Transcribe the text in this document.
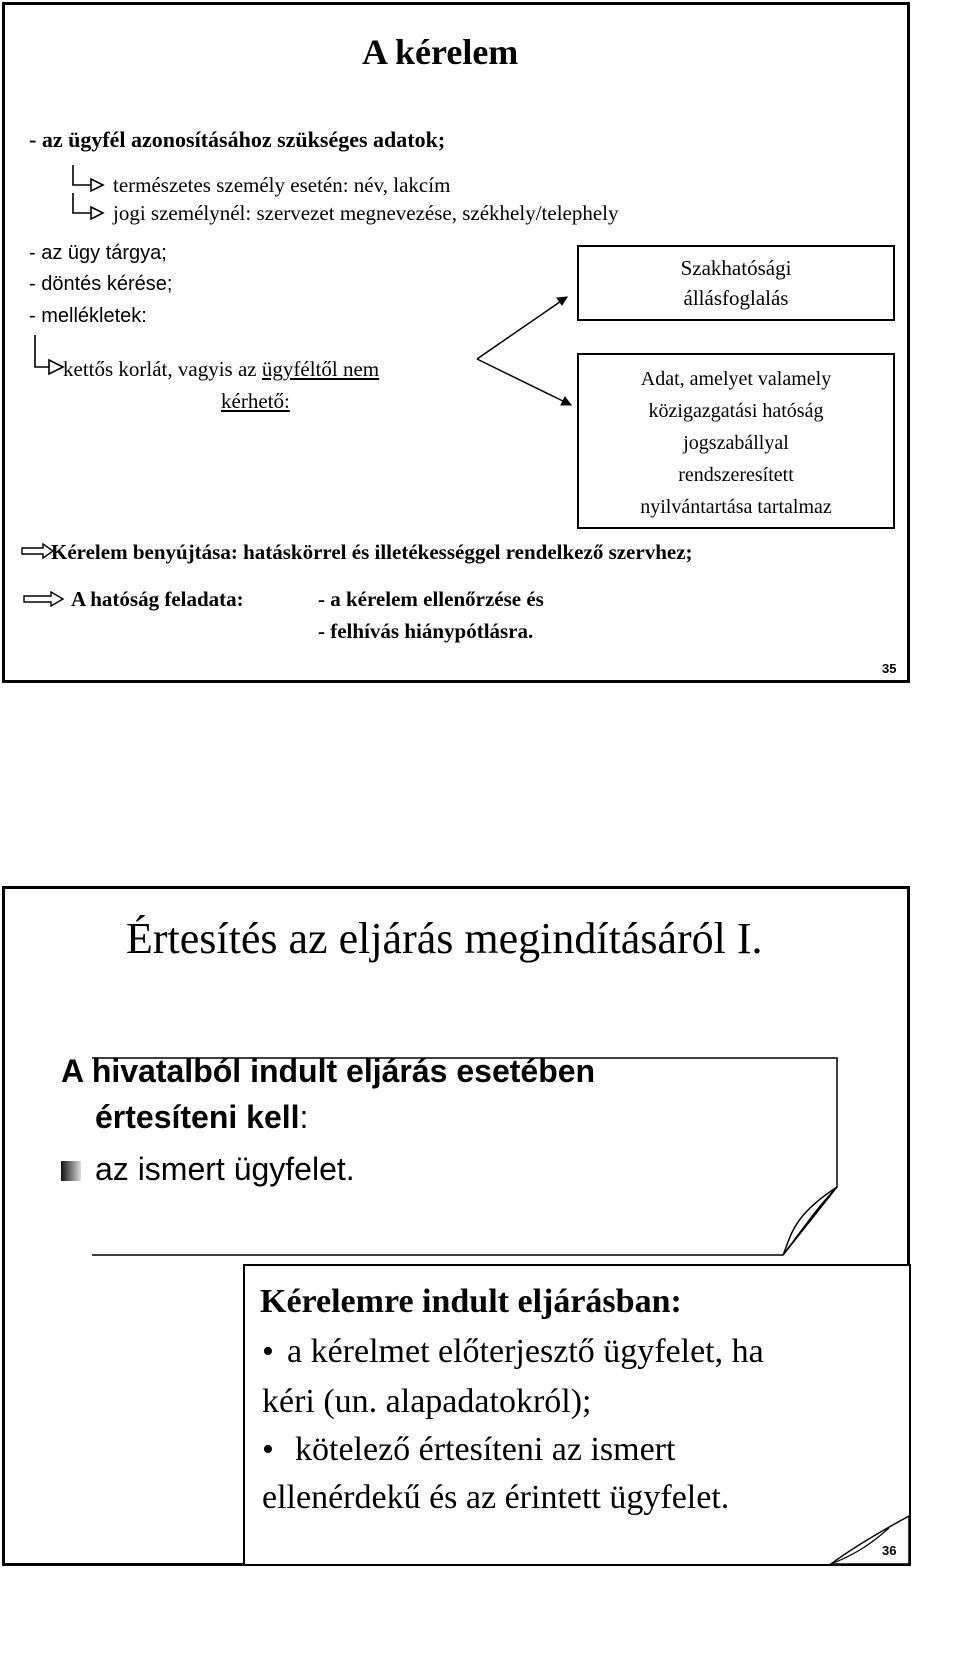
A kérelem
- az ügyfél azonosításához szükséges adatok;
természetes személy esetén: név, lakcím
jogi személynél: szervezet megnevezése, székhely/telephely
- az ügy tárgya;
- döntés kérése;
- mellékletek:
kettős korlát, vagyis az ügyféltől nem
kérhető:
Szakhatósági
állásfoglalás
Adat, amelyet valamely
közigazgatási hatóság
jogszabállyal
rendszeresített
nyilvántartása tartalmaz
Kérelem benyújtása: hatáskörrel és illetékességgel rendelkező szervhez;
A hatóság feladata:	- a kérelem ellenőrzése és
- felhívás hiánypótlásra.
35
Értesítés az eljárás megindításáról I.
A hivatalból indult eljárás esetében
értesíteni kell:
az ismert ügyfelet.
Kérelemre indult eljárásban:
• a kérelmet előterjesztő ügyfelet, ha
kéri (un. alapadatokról);
• kötelező értesíteni az ismert
ellenérdekű és az érintett ügyfelet.
36
